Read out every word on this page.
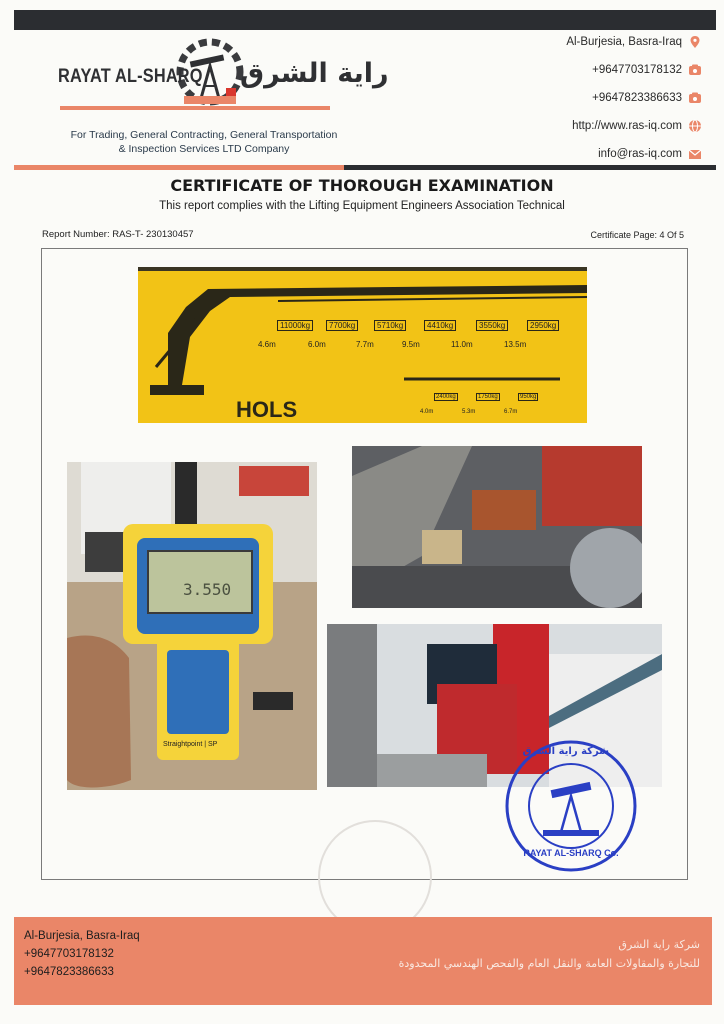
RAYAT AL-SHARQ راية الشرق
For Trading, General Contracting, General Transportation
& Inspection Services LTD Company
Al-Burjesia, Basra-Iraq
+9647703178132
+9647823386633
http://www.ras-iq.com
info@ras-iq.com
CERTIFICATE OF THOROUGH EXAMINATION
This report complies with the Lifting Equipment Engineers Association Technical
Report Number: RAS-T- 230130457	Certificate Page: 4 Of 5
11000kg	7700kg	5710kg	4410kg	3550kg	2950kg
4.6m	6.0m	7.7m	9.5m	11.0m	13.5m
2400kg	1750kg	950kg
4.0m	5.3m	6.7m
HOLS
3.550
Straightpoint | SP
شركة راية الشرق
RAYAT AL-SHARQ Co.
Al-Burjesia, Basra-Iraq
+9647703178132
+9647823386633
شركة راية الشرق
للتجارة والمقاولات العامة والنقل العام والفحص الهندسي المحدودة
